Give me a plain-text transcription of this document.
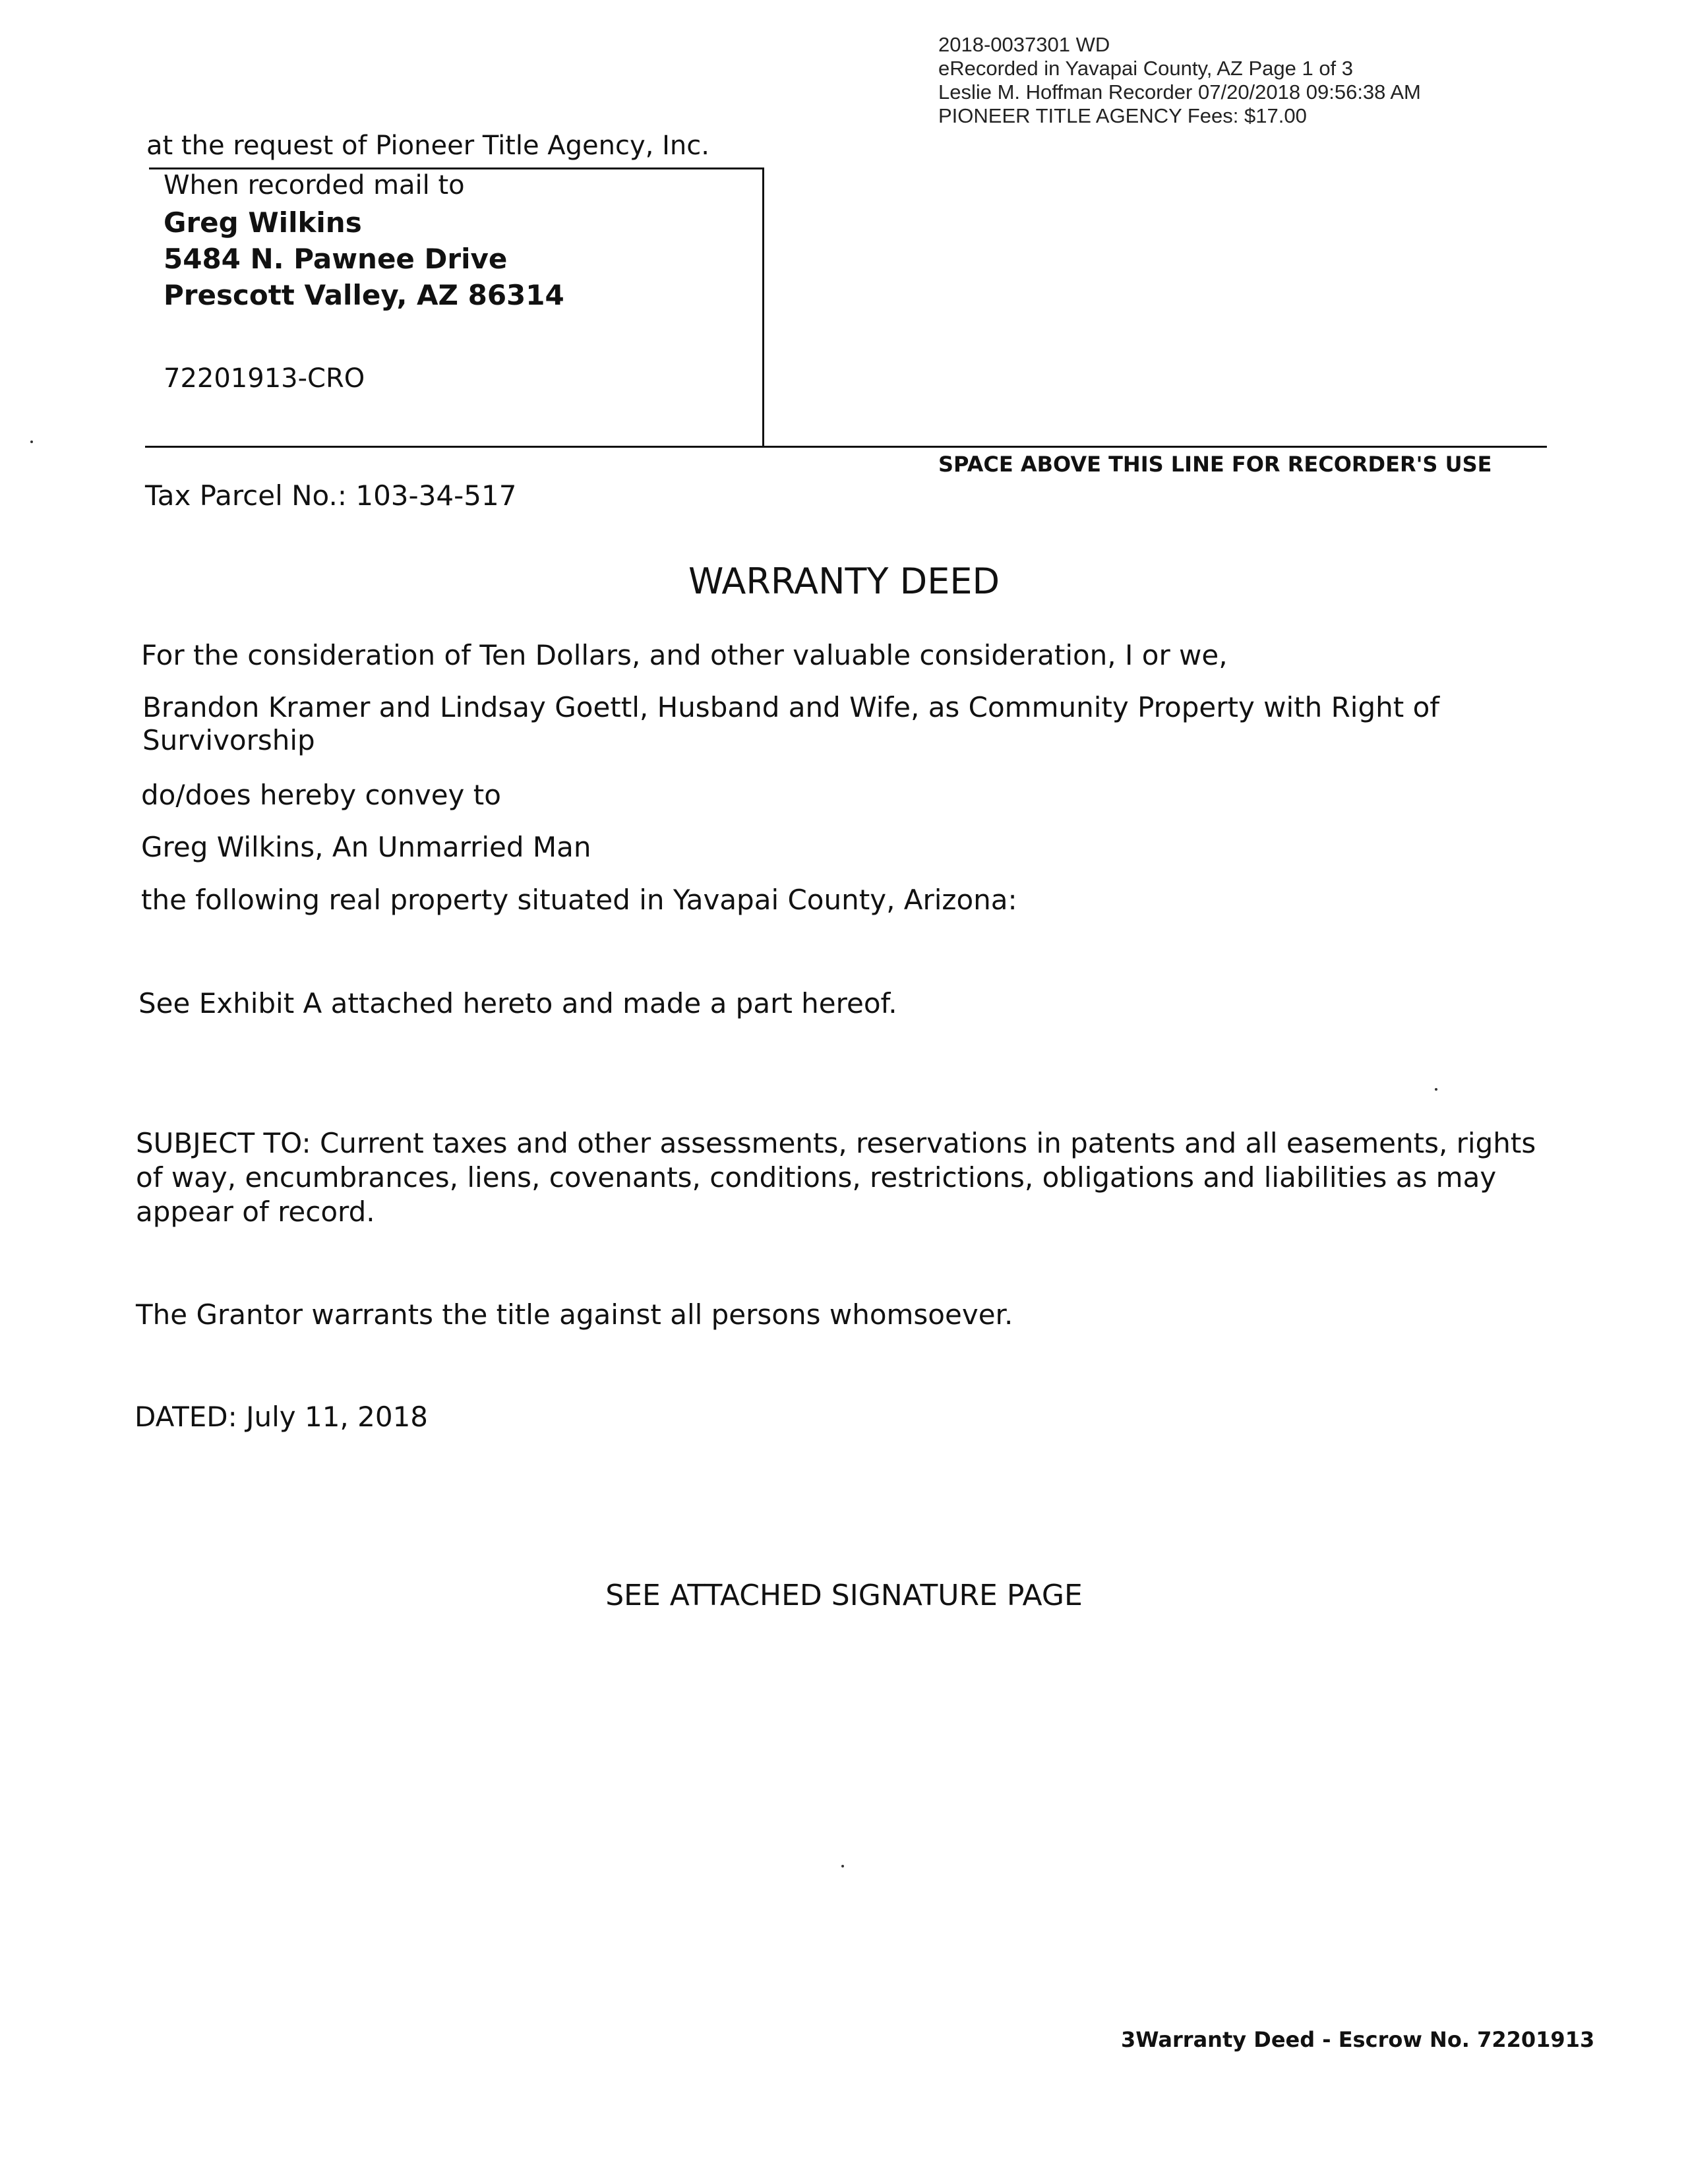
2018-0037301 WD
eRecorded in Yavapai County, AZ Page 1 of 3
Leslie M. Hoffman Recorder 07/20/2018 09:56:38 AM
PIONEER TITLE AGENCY Fees: $17.00
at the request of Pioneer Title Agency, Inc.
When recorded mail to
Greg Wilkins
5484 N. Pawnee Drive
Prescott Valley, AZ 86314
72201913-CRO
SPACE ABOVE THIS LINE FOR RECORDER'S USE
Tax Parcel No.: 103-34-517
WARRANTY DEED
For the consideration of Ten Dollars, and other valuable consideration, I or we,
Brandon Kramer and Lindsay Goettl, Husband and Wife, as Community Property with Right of Survivorship
do/does hereby convey to
Greg Wilkins, An Unmarried Man
the following real property situated in Yavapai County, Arizona:
See Exhibit A attached hereto and made a part hereof.
SUBJECT TO: Current taxes and other assessments, reservations in patents and all easements, rights of way, encumbrances, liens, covenants, conditions, restrictions, obligations and liabilities as may appear of record.
The Grantor warrants the title against all persons whomsoever.
DATED: July 11, 2018
SEE ATTACHED SIGNATURE PAGE
3Warranty Deed - Escrow No. 72201913
